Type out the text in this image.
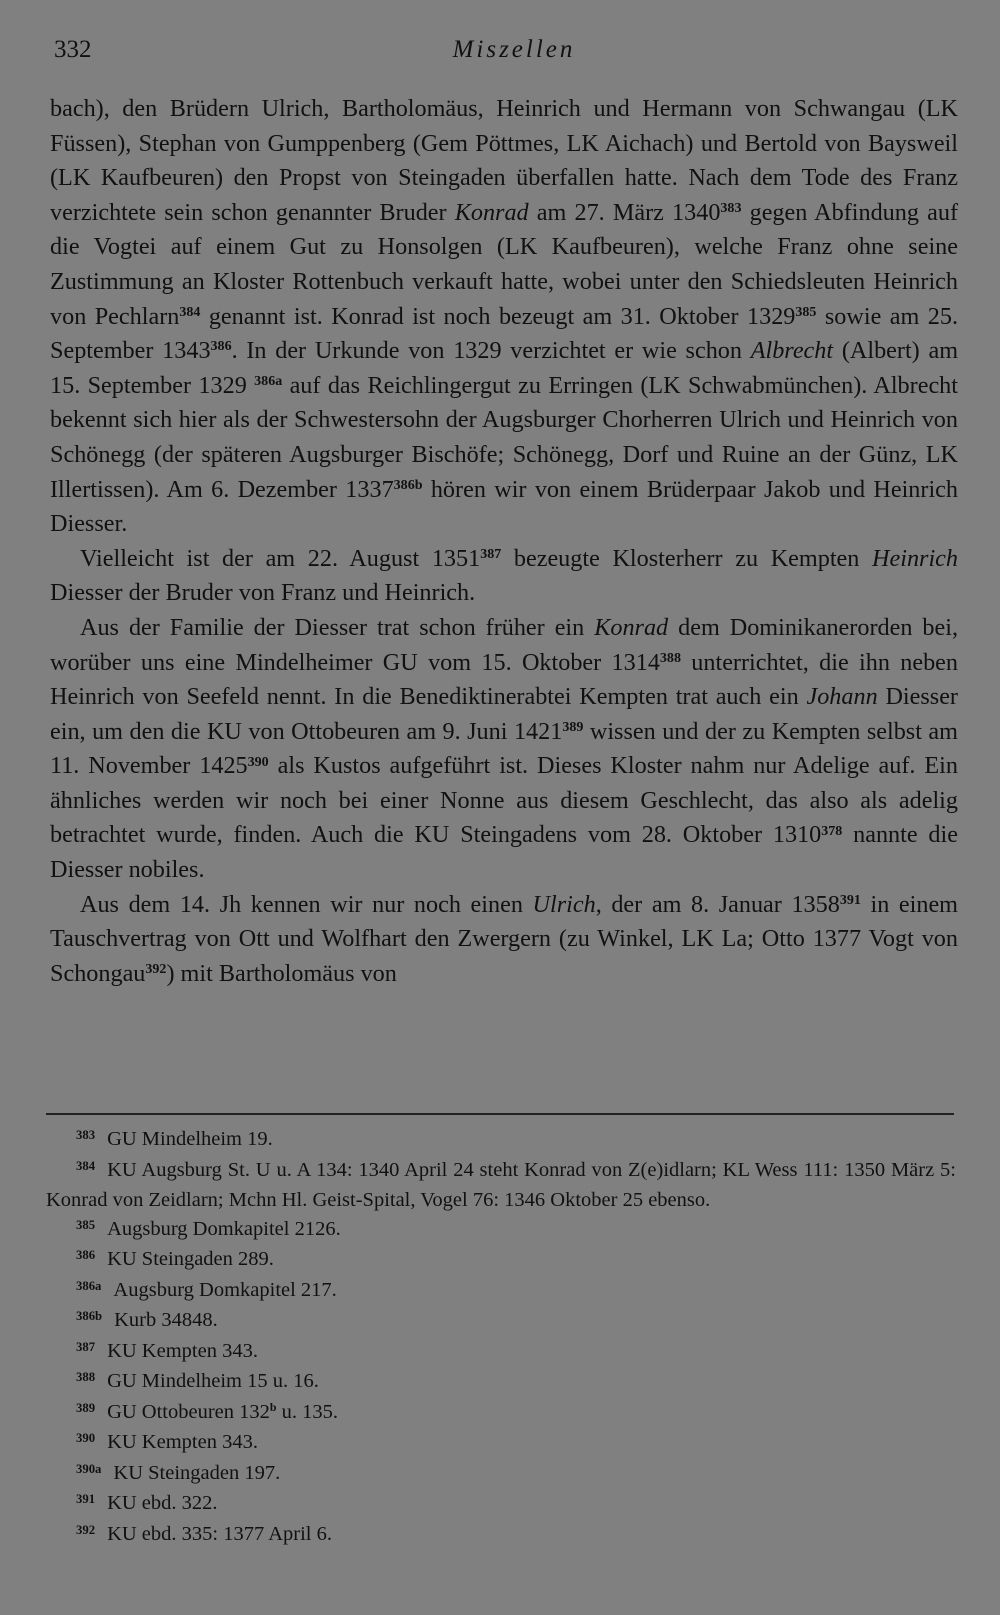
332	Miszellen

bach), den Brüdern Ulrich, Bartholomäus, Heinrich und Hermann von Schwangau (LK Füssen), Stephan von Gumppenberg (Gem Pöttmes, LK Aichach) und Bertold von Baysweil (LK Kaufbeuren) den Propst von Steingaden überfallen hatte. Nach dem Tode des Franz verzichtete sein schon genannter Bruder Konrad am 27. März 1340$^{383}$ gegen Abfindung auf die Vogtei auf einem Gut zu Honsolgen (LK Kaufbeuren), welche Franz ohne seine Zustimmung an Kloster Rottenbuch verkauft hatte, wobei unter den Schiedsleuten Heinrich von Pechlarn$^{384}$ genannt ist. Konrad ist noch bezeugt am 31. Oktober 1329$^{385}$ sowie am 25. September 1343$^{386}$. In der Urkunde von 1329 verzichtet er wie schon Albrecht (Albert) am 15. September 1329 $^{386a}$ auf das Reichlingergut zu Erringen (LK Schwabmünchen). Albrecht bekennt sich hier als der Schwestersohn der Augsburger Chorherren Ulrich und Heinrich von Schönegg (der späteren Augsburger Bischöfe; Schönegg, Dorf und Ruine an der Günz, LK Illertissen). Am 6. Dezember $1337^{386b}$ hören wir von einem Brüderpaar Jakob und Heinrich Diesser.

Vielleicht ist der am 22. August 1351$^{387}$ bezeugte Klosterherr zu Kempten Heinrich Diesser der Bruder von Franz und Heinrich.

Aus der Familie der Diesser trat schon früher ein Konrad dem Dominikanerorden bei, worüber uns eine Mindelheimer GU vom 15. Oktober 1314$^{388}$ unterrichtet, die ihn neben Heinrich von Seefeld nennt. In die Benediktinerabtei Kempten trat auch ein Johann Diesser ein, um den die KU von Ottobeuren am 9. Juni 1421$^{389}$ wissen und der zu Kempten selbst am 11. November 1425$^{390}$ als Kustos aufgeführt ist. Dieses Kloster nahm nur Adelige auf. Ein ähnliches werden wir noch bei einer Nonne aus diesem Geschlecht, das also als adelig betrachtet wurde, finden. Auch die KU Steingadens vom 28. Oktober 1310$^{378}$ nannte die Diesser nobiles.

Aus dem 14. Jh kennen wir nur noch einen Ulrich, der am 8. Januar 1358$^{391}$ in einem Tauschvertrag von Ott und Wolfhart den Zwergern (zu Winkel, LK La; Otto 1377 Vogt von Schongau$^{392}$) mit Bartholomäus von

$^{383}$ GU Mindelheim 19.
$^{384}$ KU Augsburg St. U u. A 134: 1340 April 24 steht Konrad von Z(e)idlarn; KL Wess 111: 1350 März 5: Konrad von Zeidlarn; Mchn Hl. Geist-Spital, Vogel 76: 1346 Oktober 25 ebenso.
$^{385}$ Augsburg Domkapitel 2126.
$^{386}$ KU Steingaden 289.
$^{386a}$ Augsburg Domkapitel 217.
$^{386b}$ Kurb 34848.
$^{387}$ KU Kempten 343.
$^{388}$ GU Mindelheim 15 u. 16.
$^{389}$ GU Ottobeuren 132$^b$ u. 135.
$^{390}$ KU Kempten 343.
$^{390a}$ KU Steingaden 197.
$^{391}$ KU ebd. 322.
$^{392}$ KU ebd. 335: 1377 April 6.
